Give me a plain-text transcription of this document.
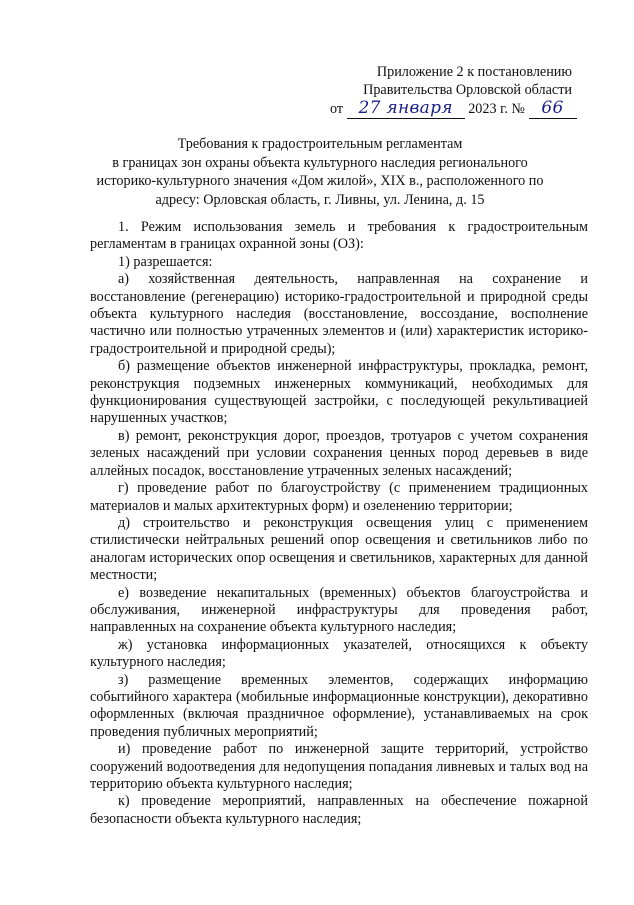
Приложение 2 к постановлению
Правительства Орловской области
от 27 января 2023 г. № 66
Требования к градостроительным регламентам
в границах зон охраны объекта культурного наследия регионального
историко-культурного значения «Дом жилой», XIX в., расположенного по
адресу: Орловская область, г. Ливны, ул. Ленина, д. 15

1. Режим использования земель и требования к градостроительным регламентам в границах охранной зоны (ОЗ):

1) разрешается:

а) хозяйственная деятельность, направленная на сохранение и восстановление (регенерацию) историко-градостроительной и природной среды объекта культурного наследия (восстановление, воссоздание, восполнение частично или полностью утраченных элементов и (или) характеристик историко-градостроительной и природной среды);

б) размещение объектов инженерной инфраструктуры, прокладка, ремонт, реконструкция подземных инженерных коммуникаций, необходимых для функционирования существующей застройки, с последующей рекультивацией нарушенных участков;

в) ремонт, реконструкция дорог, проездов, тротуаров с учетом сохранения зеленых насаждений при условии сохранения ценных пород деревьев в виде аллейных посадок, восстановление утраченных зеленых насаждений;

г) проведение работ по благоустройству (с применением традиционных материалов и малых архитектурных форм) и озеленению территории;

д) строительство и реконструкция освещения улиц с применением стилистически нейтральных решений опор освещения и светильников либо по аналогам исторических опор освещения и светильников, характерных для данной местности;

е) возведение некапитальных (временных) объектов благоустройства и обслуживания, инженерной инфраструктуры для проведения работ, направленных на сохранение объекта культурного наследия;

ж) установка информационных указателей, относящихся к объекту культурного наследия;

з) размещение временных элементов, содержащих информацию событийного характера (мобильные информационные конструкции), декоративно оформленных (включая праздничное оформление), устанавливаемых на срок проведения публичных мероприятий;

и) проведение работ по инженерной защите территорий, устройство сооружений водоотведения для недопущения попадания ливневых и талых вод на территорию объекта культурного наследия;

к) проведение мероприятий, направленных на обеспечение пожарной безопасности объекта культурного наследия;
